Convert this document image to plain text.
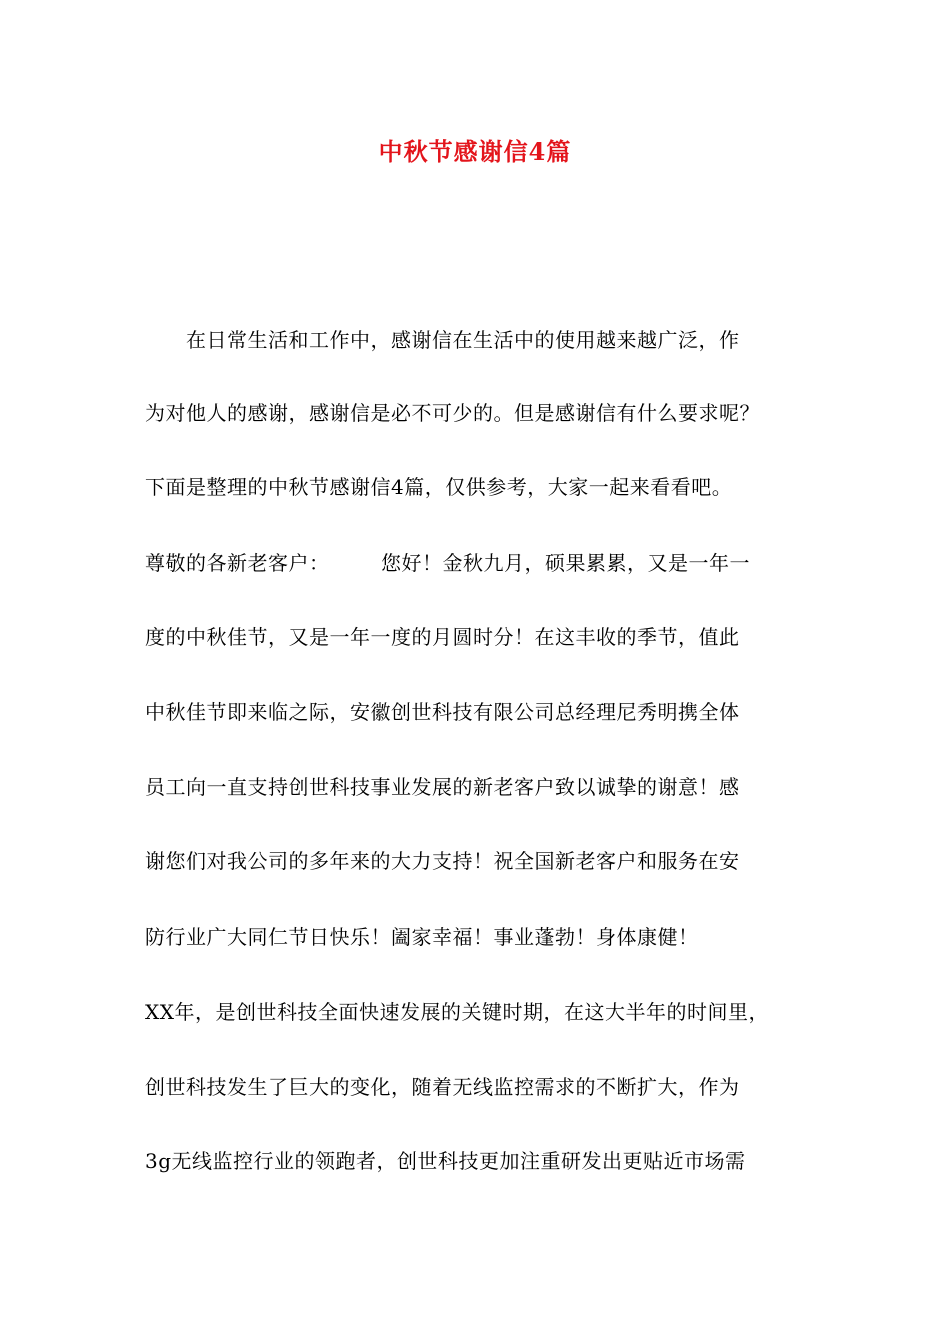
中秋节感谢信4篇
　　在日常生活和工作中，感谢信在生活中的使用越来越广泛，作
为对他人的感谢，感谢信是必不可少的。但是感谢信有什么要求呢？
下面是整理的中秋节感谢信4篇，仅供参考，大家一起来看看吧。
尊敬的各新老客户：　　　您好！金秋九月，硕果累累，又是一年一
度的中秋佳节，又是一年一度的月圆时分！在这丰收的季节，值此
中秋佳节即来临之际，安徽创世科技有限公司总经理尼秀明携全体
员工向一直支持创世科技事业发展的新老客户致以诚挚的谢意！感
谢您们对我公司的多年来的大力支持！祝全国新老客户和服务在安
防行业广大同仁节日快乐！阖家幸福！事业蓬勃！身体康健！
XX年，是创世科技全面快速发展的关键时期，在这大半年的时间里，
创世科技发生了巨大的变化，随着无线监控需求的不断扩大，作为
3g无线监控行业的领跑者，创世科技更加注重研发出更贴近市场需
